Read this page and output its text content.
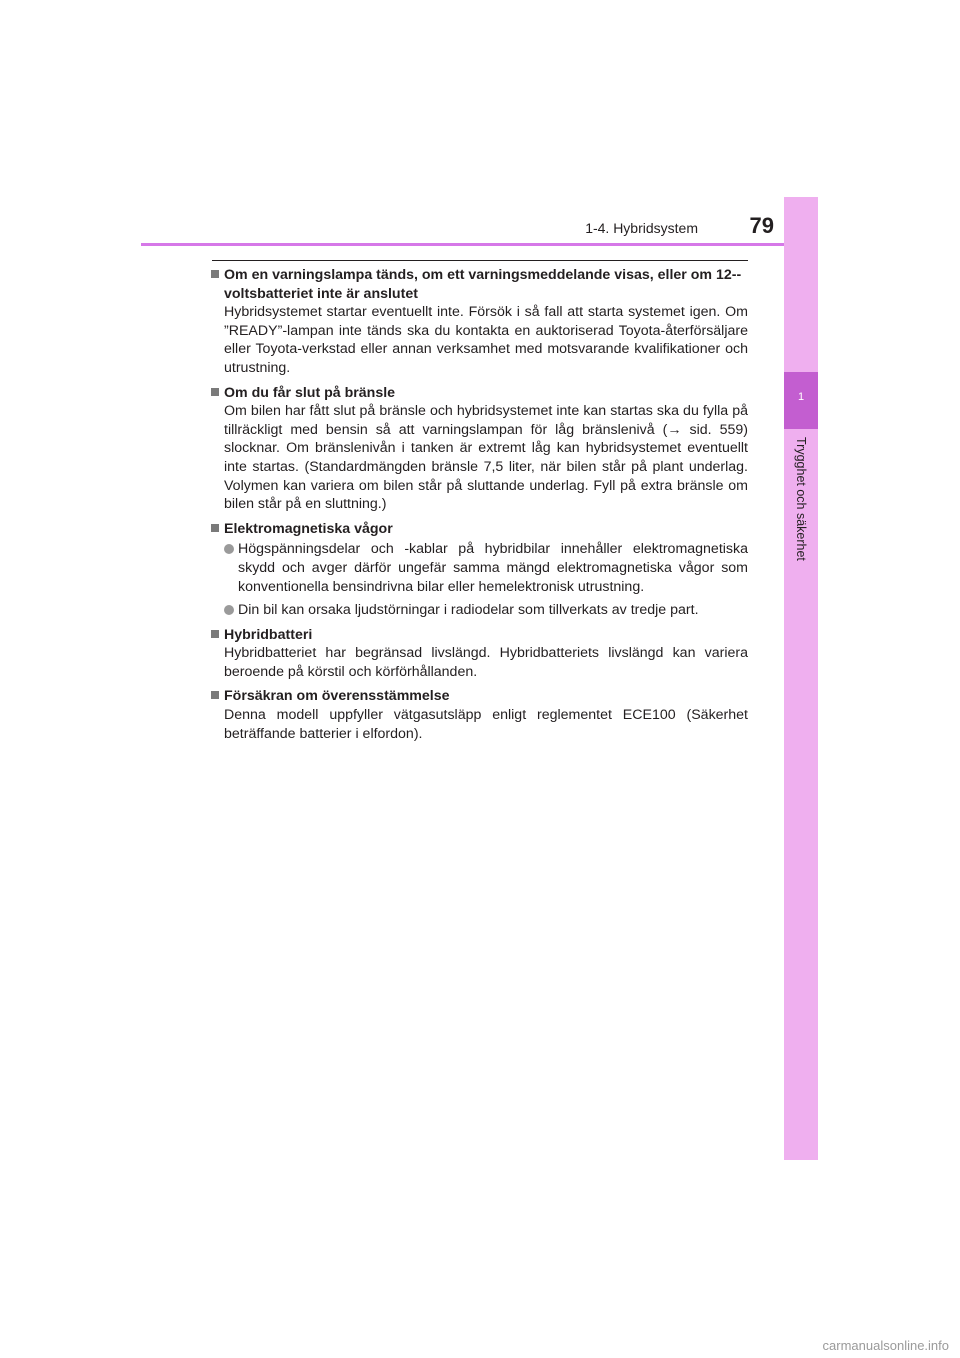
1-4. Hybridsystem	79
1
Trygghet och säkerhet
Om en varningslampa tänds, om ett varningsmeddelande visas, eller om 12--voltsbatteriet inte är anslutet
Hybridsystemet startar eventuellt inte. Försök i så fall att starta systemet igen. Om ”READY”-lampan inte tänds ska du kontakta en auktoriserad Toyota-återförsäljare eller Toyota-verkstad eller annan verksamhet med motsvarande kvalifikationer och utrustning.
Om du får slut på bränsle
Om bilen har fått slut på bränsle och hybridsystemet inte kan startas ska du fylla på tillräckligt med bensin så att varningslampan för låg bränslenivå (→ sid. 559) slocknar. Om bränslenivån i tanken är extremt låg kan hybridsystemet eventuellt inte startas. (Standardmängden bränsle 7,5 liter, när bilen står på plant underlag. Volymen kan variera om bilen står på sluttande underlag. Fyll på extra bränsle om bilen står på en sluttning.)
Elektromagnetiska vågor
Högspänningsdelar och -kablar på hybridbilar innehåller elektromagnetiska skydd och avger därför ungefär samma mängd elektromagnetiska vågor som konventionella bensindrivna bilar eller hemelektronisk utrustning.
Din bil kan orsaka ljudstörningar i radiodelar som tillverkats av tredje part.
Hybridbatteri
Hybridbatteriet har begränsad livslängd. Hybridbatteriets livslängd kan variera beroende på körstil och körförhållanden.
Försäkran om överensstämmelse
Denna modell uppfyller vätgasutsläpp enligt reglementet ECE100 (Säkerhet beträffande batterier i elfordon).
carmanualsonline.info
